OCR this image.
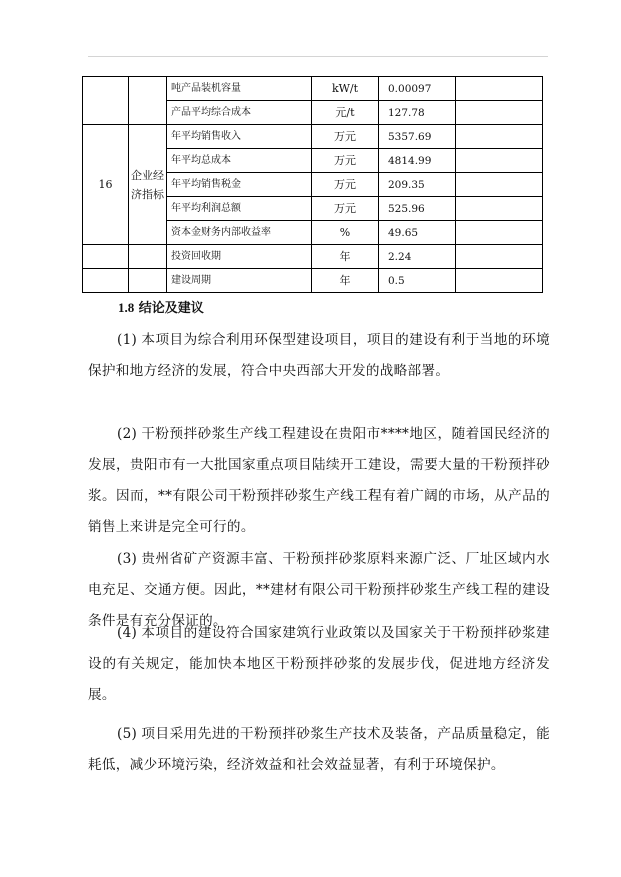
		吨产品装机容量	kW/t	0.00097	
		产品平均综合成本	元/t	127.78	
16	企业经济指标	年平均销售收入	万元	5357.69	
		年平均总成本	万元	4814.99	
		年平均销售税金	万元	209.35	
		年平均利润总额	万元	525.96	
		资本金财务内部收益率	%	49.65	
		投资回收期	年	2.24	
		建设周期	年	0.5	
1.8 结论及建议

(1) 本项目为综合利用环保型建设项目，项目的建设有利于当地的环境保护和地方经济的发展，符合中央西部大开发的战略部署。

(2) 干粉预拌砂浆生产线工程建设在贵阳市****地区，随着国民经济的发展，贵阳市有一大批国家重点项目陆续开工建设，需要大量的干粉预拌砂浆。因而，**有限公司干粉预拌砂浆生产线工程有着广阔的市场，从产品的销售上来讲是完全可行的。

(3) 贵州省矿产资源丰富、干粉预拌砂浆原料来源广泛、厂址区域内水电充足、交通方便。因此，**建材有限公司干粉预拌砂浆生产线工程的建设条件是有充分保证的。

(4) 本项目的建设符合国家建筑行业政策以及国家关于干粉预拌砂浆建设的有关规定，能加快本地区干粉预拌砂浆的发展步伐，促进地方经济发展。

(5) 项目采用先进的干粉预拌砂浆生产技术及装备，产品质量稳定，能耗低，减少环境污染，经济效益和社会效益显著，有利于环境保护。
